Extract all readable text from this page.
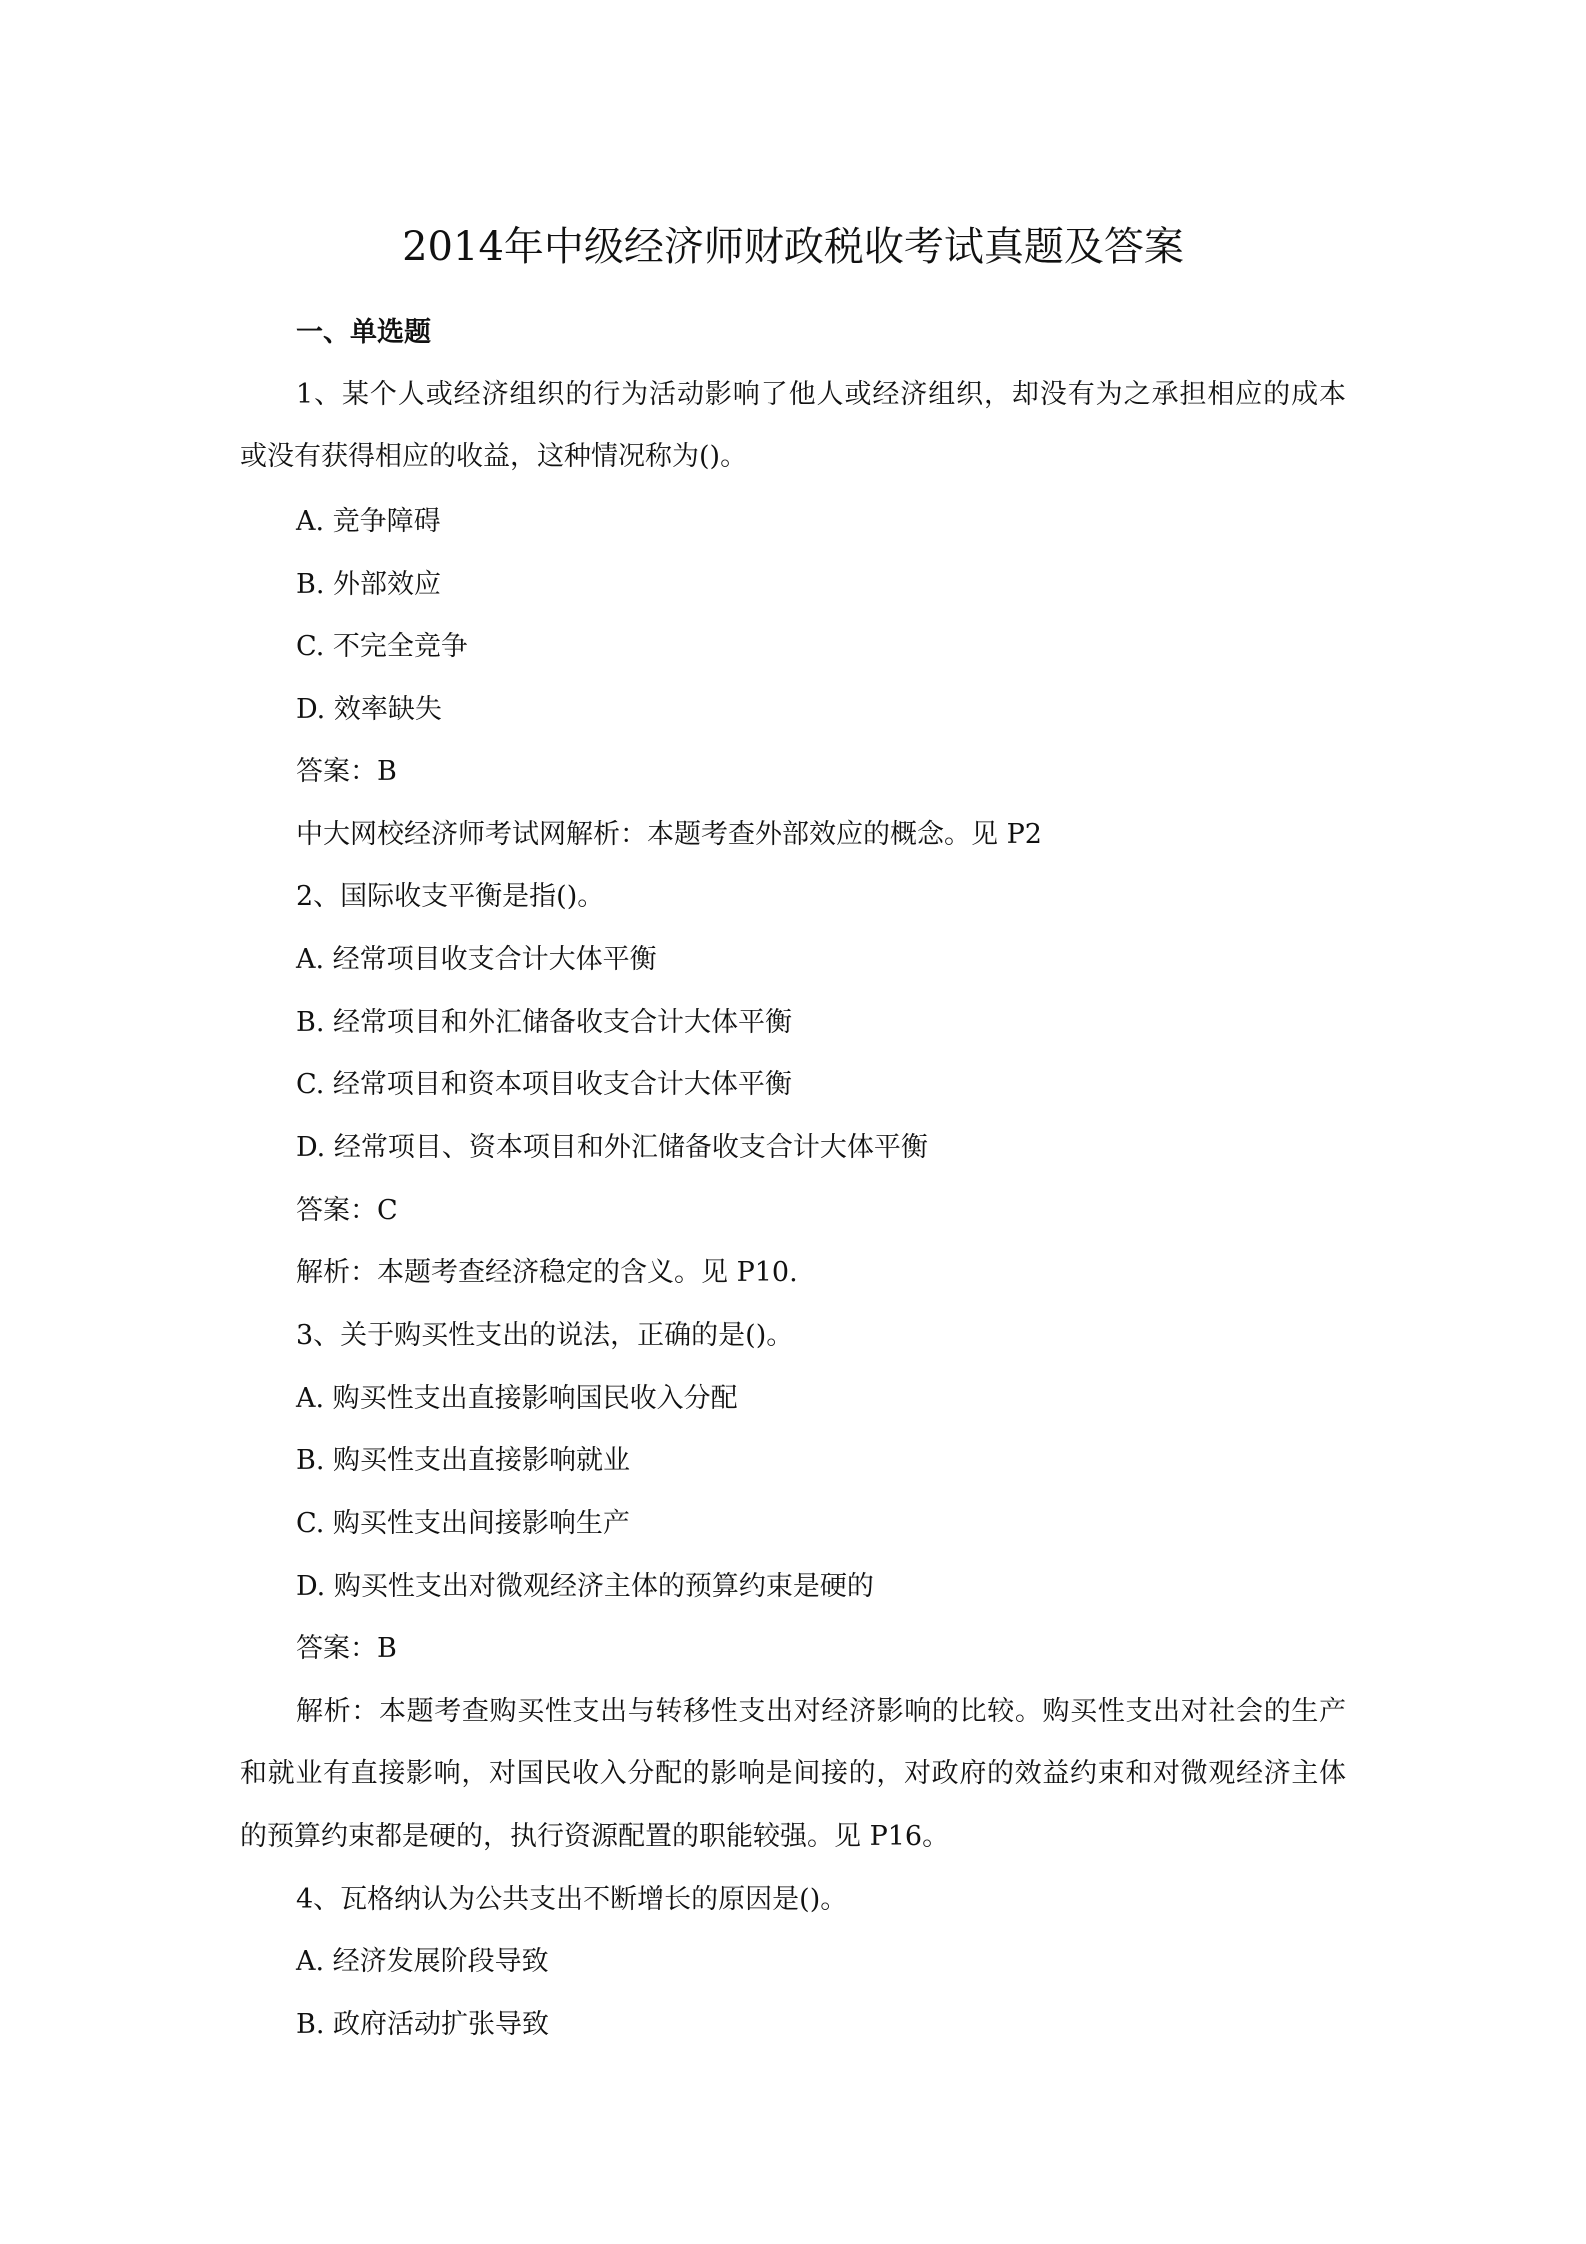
2014年中级经济师财政税收考试真题及答案
一、单选题
1、某个人或经济组织的行为活动影响了他人或经济组织，却没有为之承担相应的成本
或没有获得相应的收益，这种情况称为()。
A. 竞争障碍
B. 外部效应
C. 不完全竞争
D. 效率缺失
答案：B
中大网校经济师考试网解析：本题考查外部效应的概念。见 P2
2、国际收支平衡是指()。
A. 经常项目收支合计大体平衡
B. 经常项目和外汇储备收支合计大体平衡
C. 经常项目和资本项目收支合计大体平衡
D. 经常项目、资本项目和外汇储备收支合计大体平衡
答案：C
解析：本题考查经济稳定的含义。见 P10.
3、关于购买性支出的说法，正确的是()。
A. 购买性支出直接影响国民收入分配
B. 购买性支出直接影响就业
C. 购买性支出间接影响生产
D. 购买性支出对微观经济主体的预算约束是硬的
答案：B
解析：本题考查购买性支出与转移性支出对经济影响的比较。购买性支出对社会的生产
和就业有直接影响，对国民收入分配的影响是间接的，对政府的效益约束和对微观经济主体
的预算约束都是硬的，执行资源配置的职能较强。见 P16。
4、瓦格纳认为公共支出不断增长的原因是()。
A. 经济发展阶段导致
B. 政府活动扩张导致
